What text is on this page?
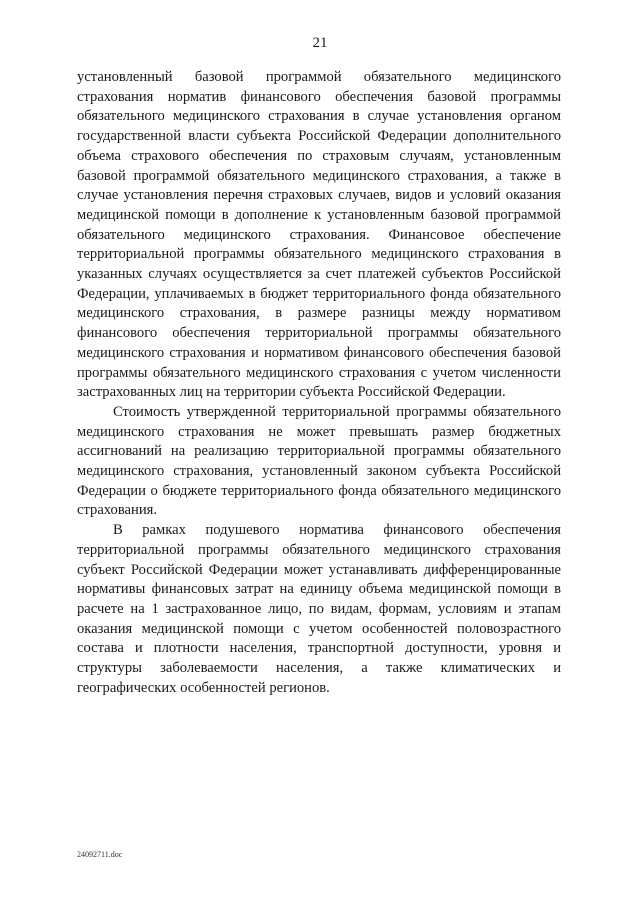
21

установленный базовой программой обязательного медицинского страхования норматив финансового обеспечения базовой программы обязательного медицинского страхования в случае установления органом государственной власти субъекта Российской Федерации дополнительного объема страхового обеспечения по страховым случаям, установленным базовой программой обязательного медицинского страхования, а также в случае установления перечня страховых случаев, видов и условий оказания медицинской помощи в дополнение к установленным базовой программой обязательного медицинского страхования. Финансовое обеспечение территориальной программы обязательного медицинского страхования в указанных случаях осуществляется за счет платежей субъектов Российской Федерации, уплачиваемых в бюджет территориального фонда обязательного медицинского страхования, в размере разницы между нормативом финансового обеспечения территориальной программы обязательного медицинского страхования и нормативом финансового обеспечения базовой программы обязательного медицинского страхования с учетом численности застрахованных лиц на территории субъекта Российской Федерации.

Стоимость утвержденной территориальной программы обязательного медицинского страхования не может превышать размер бюджетных ассигнований на реализацию территориальной программы обязательного медицинского страхования, установленный законом субъекта Российской Федерации о бюджете территориального фонда обязательного медицинского страхования.

В рамках подушевого норматива финансового обеспечения территориальной программы обязательного медицинского страхования субъект Российской Федерации может устанавливать дифференцированные нормативы финансовых затрат на единицу объема медицинской помощи в расчете на 1 застрахованное лицо, по видам, формам, условиям и этапам оказания медицинской помощи с учетом особенностей половозрастного состава и плотности населения, транспортной доступности, уровня и структуры заболеваемости населения, а также климатических и географических особенностей регионов.

24092711.doc
